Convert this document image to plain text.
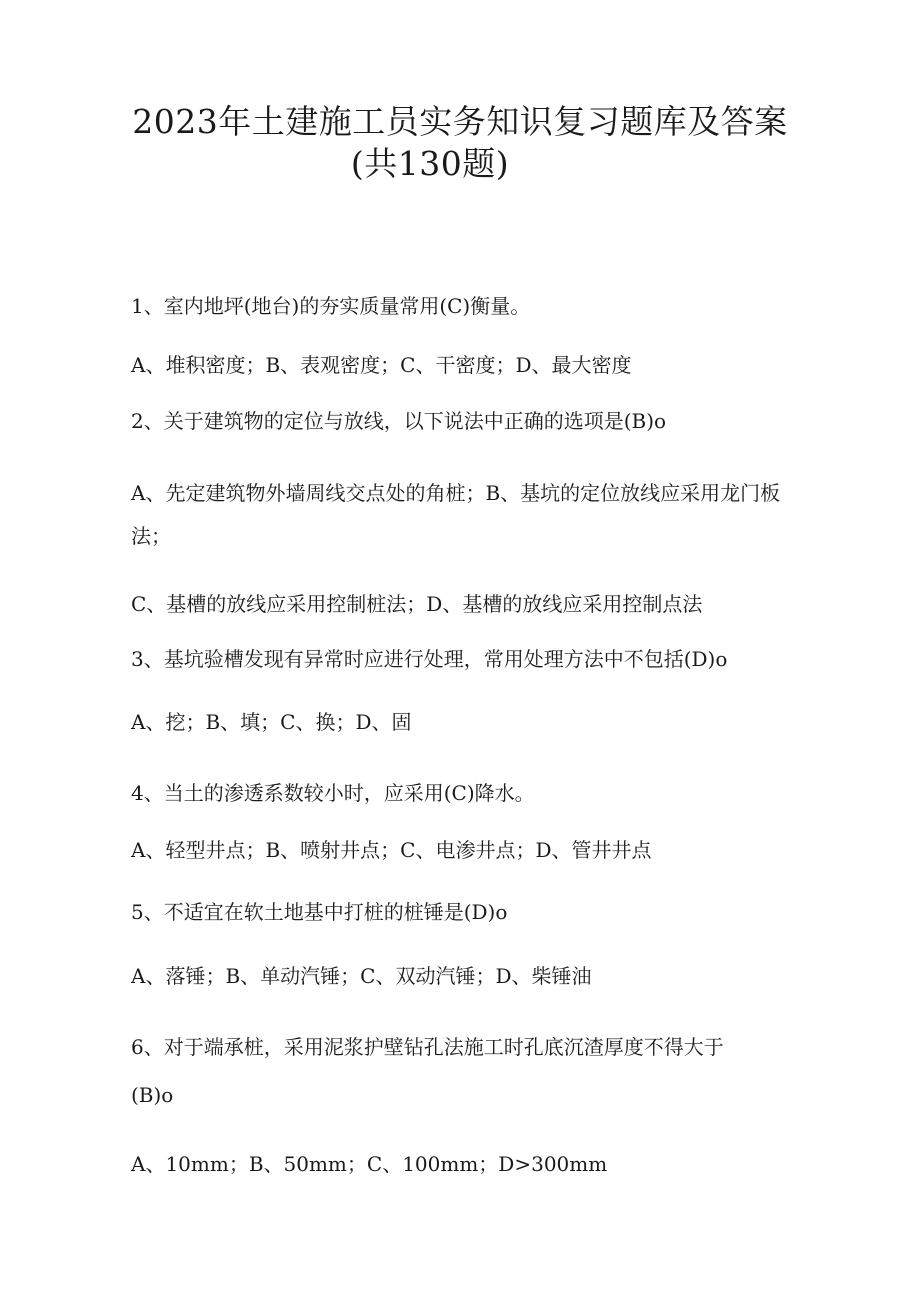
2023年土建施工员实务知识复习题库及答案
(共130题)
1、室内地坪(地台)的夯实质量常用(C)衡量。
A、堆积密度；B、表观密度；C、干密度；D、最大密度
2、关于建筑物的定位与放线，以下说法中正确的选项是(B)o
A、先定建筑物外墙周线交点处的角桩；B、基坑的定位放线应采用龙门板
法；
C、基槽的放线应采用控制桩法；D、基槽的放线应采用控制点法
3、基坑验槽发现有异常时应进行处理，常用处理方法中不包括(D)o
A、挖；B、填；C、换；D、固
4、当土的渗透系数较小时，应采用(C)降水。
A、轻型井点；B、喷射井点；C、电渗井点；D、管井井点
5、不适宜在软土地基中打桩的桩锤是(D)o
A、落锤；B、单动汽锤；C、双动汽锤；D、柴锤油
6、对于端承桩，采用泥浆护壁钻孔法施工时孔底沉渣厚度不得大于
(B)o
A、10mm；B、50mm；C、100mm；D>300mm
